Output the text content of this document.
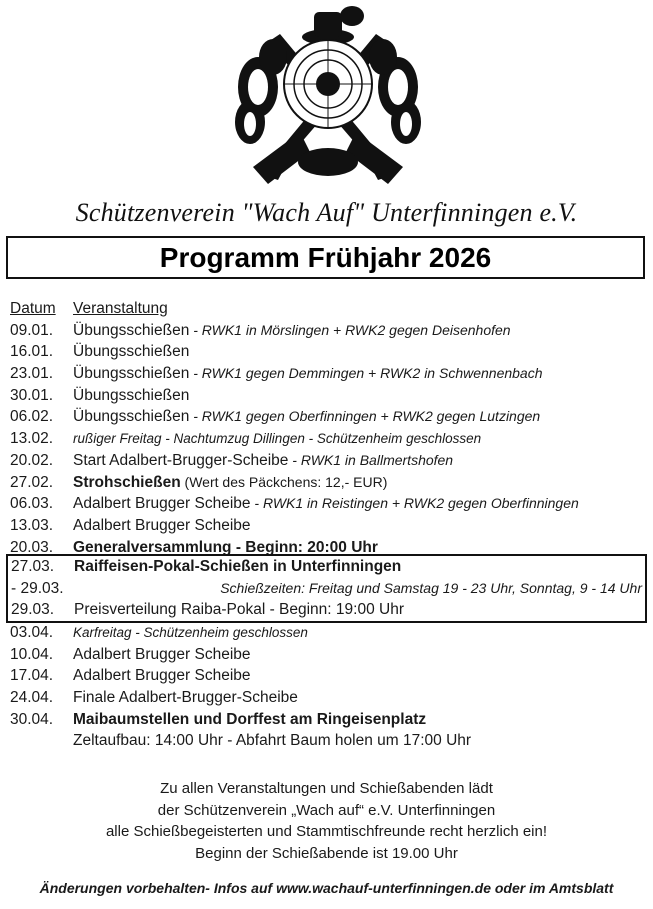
Schützenverein "Wach Auf" Unterfinningen e.V.
Programm Frühjahr 2026
Datum Veranstaltung
09.01. Übungsschießen - RWK1 in Mörslingen + RWK2 gegen Deisenhofen
16.01. Übungsschießen
23.01. Übungsschießen - RWK1 gegen Demmingen + RWK2 in Schwennenbach
30.01. Übungsschießen
06.02. Übungsschießen - RWK1 gegen Oberfinningen + RWK2 gegen Lutzingen
13.02. rußiger Freitag - Nachtumzug Dillingen - Schützenheim geschlossen
20.02. Start Adalbert-Brugger-Scheibe - RWK1 in Ballmertshofen
27.02. Strohschießen (Wert des Päckchens: 12,- EUR)
06.03. Adalbert Brugger Scheibe - RWK1 in Reistingen + RWK2 gegen Oberfinningen
13.03. Adalbert Brugger Scheibe
20.03. Generalversammlung - Beginn: 20:00 Uhr
27.03. Raiffeisen-Pokal-Schießen in Unterfinningen
- 29.03.	Schießzeiten: Freitag und Samstag 19 - 23 Uhr, Sonntag, 9 - 14 Uhr
29.03. Preisverteilung Raiba-Pokal - Beginn: 19:00 Uhr
03.04. Karfreitag - Schützenheim geschlossen
10.04. Adalbert Brugger Scheibe
17.04. Adalbert Brugger Scheibe
24.04. Finale Adalbert-Brugger-Scheibe
30.04. Maibaumstellen und Dorffest am Ringeisenplatz
Zeltaufbau: 14:00 Uhr - Abfahrt Baum holen um 17:00 Uhr
Zu allen Veranstaltungen und Schießabenden lädt
der Schützenverein „Wach auf“ e.V. Unterfinningen
alle Schießbegeisterten und Stammtischfreunde recht herzlich ein!
Beginn der Schießabende ist 19.00 Uhr
Änderungen vorbehalten- Infos auf www.wachauf-unterfinningen.de oder im Amtsblatt
